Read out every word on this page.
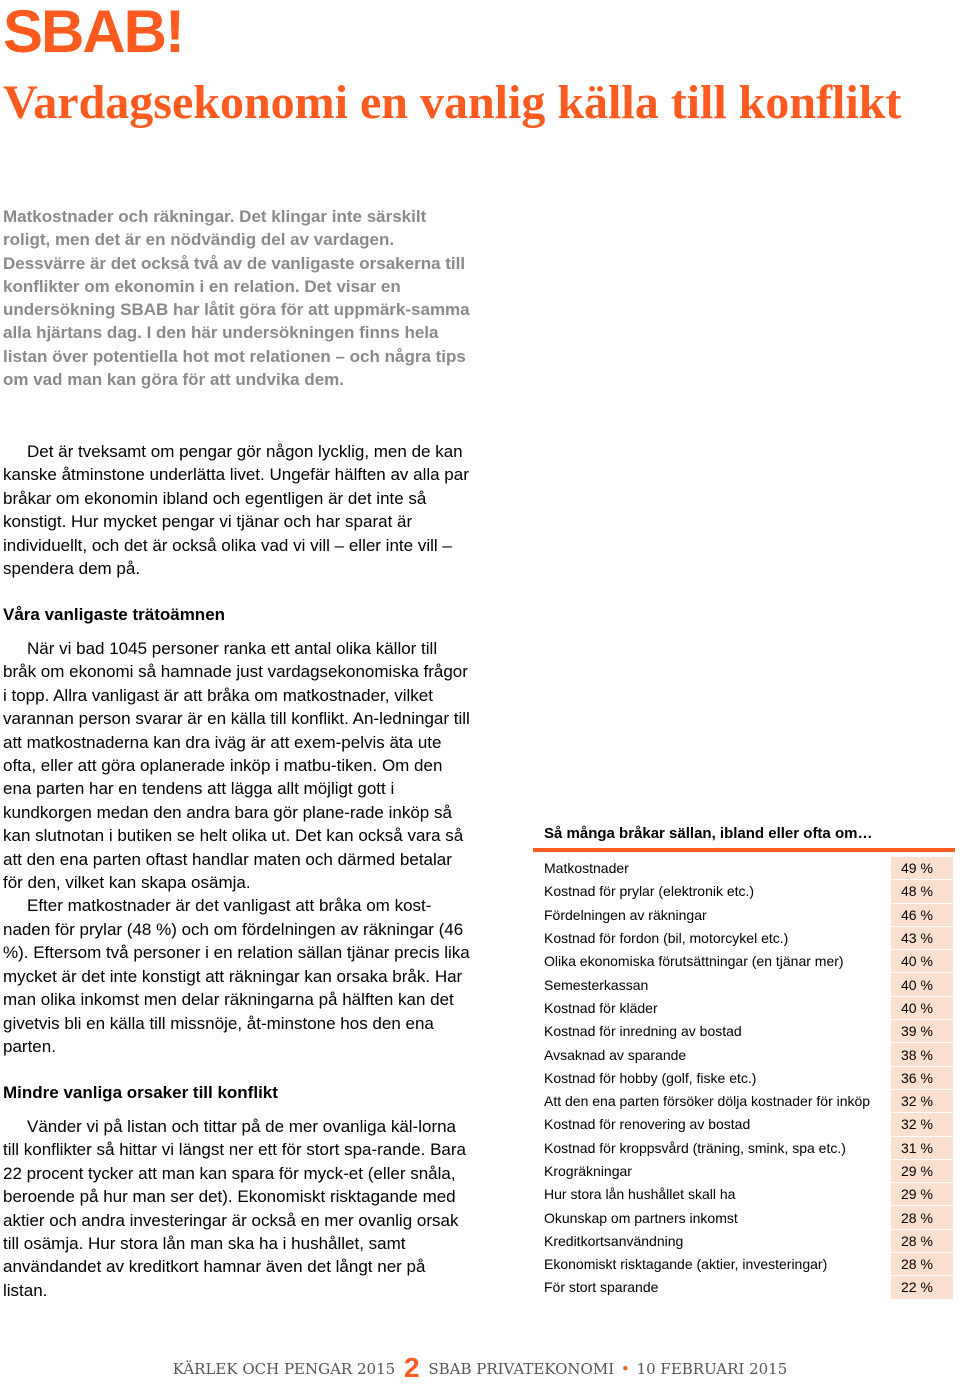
SBAB!
Vardagsekonomi en vanlig källa till konflikt

Matkostnader och räkningar. Det klingar inte särskilt roligt, men det är en nödvändig del av vardagen. Dessvärre är det också två av de vanligaste orsakerna till konflikter om ekonomin i en relation. Det visar en undersökning SBAB har låtit göra för att uppmärk-samma alla hjärtans dag. I den här undersökningen finns hela listan över potentiella hot mot relationen – och några tips om vad man kan göra för att undvika dem.

Det är tveksamt om pengar gör någon lycklig, men de kan kanske åtminstone underlätta livet. Ungefär hälften av alla par bråkar om ekonomin ibland och egentligen är det inte så konstigt. Hur mycket pengar vi tjänar och har sparat är individuellt, och det är också olika vad vi vill – eller inte vill – spendera dem på.

Våra vanligaste trätoämnen

När vi bad 1045 personer ranka ett antal olika källor till bråk om ekonomi så hamnade just vardagsekonomiska frågor i topp. Allra vanligast är att bråka om matkostnader, vilket varannan person svarar är en källa till konflikt. An-ledningar till att matkostnaderna kan dra iväg är att exem-pelvis äta ute ofta, eller att göra oplanerade inköp i matbu-tiken. Om den ena parten har en tendens att lägga allt möjligt gott i kundkorgen medan den andra bara gör plane-rade inköp så kan slutnotan i butiken se helt olika ut. Det kan också vara så att den ena parten oftast handlar maten och därmed betalar för den, vilket kan skapa osämja.

Efter matkostnader är det vanligast att bråka om kost-naden för prylar (48 %) och om fördelningen av räkningar (46 %). Eftersom två personer i en relation sällan tjänar precis lika mycket är det inte konstigt att räkningar kan orsaka bråk. Har man olika inkomst men delar räkningarna på hälften kan det givetvis bli en källa till missnöje, åt-minstone hos den ena parten.

Mindre vanliga orsaker till konflikt

Vänder vi på listan och tittar på de mer ovanliga käl-lorna till konflikter så hittar vi längst ner ett för stort spa-rande. Bara 22 procent tycker att man kan spara för myck-et (eller snåla, beroende på hur man ser det). Ekonomiskt risktagande med aktier och andra investeringar är också en mer ovanlig orsak till osämja. Hur stora lån man ska ha i hushållet, samt användandet av kreditkort hamnar även det långt ner på listan.

Så många bråkar sällan, ibland eller ofta om…
Matkostnader	49 %
Kostnad för prylar (elektronik etc.)	48 %
Fördelningen av räkningar	46 %
Kostnad för fordon (bil, motorcykel etc.)	43 %
Olika ekonomiska förutsättningar (en tjänar mer)	40 %
Semesterkassan	40 %
Kostnad för kläder	40 %
Kostnad för inredning av bostad	39 %
Avsaknad av sparande	38 %
Kostnad för hobby (golf, fiske etc.)	36 %
Att den ena parten försöker dölja kostnader för inköp	32 %
Kostnad för renovering av bostad	32 %
Kostnad för kroppsvård (träning, smink, spa etc.)	31 %
Krogräkningar	29 %
Hur stora lån hushållet skall ha	29 %
Okunskap om partners inkomst	28 %
Kreditkortsanvändning	28 %
Ekonomiskt risktagande (aktier, investeringar)	28 %
För stort sparande	22 %
KÄRLEK OCH PENGAR 2015 2 SBAB PRIVATEKONOMI • 10 FEBRUARI 2015
